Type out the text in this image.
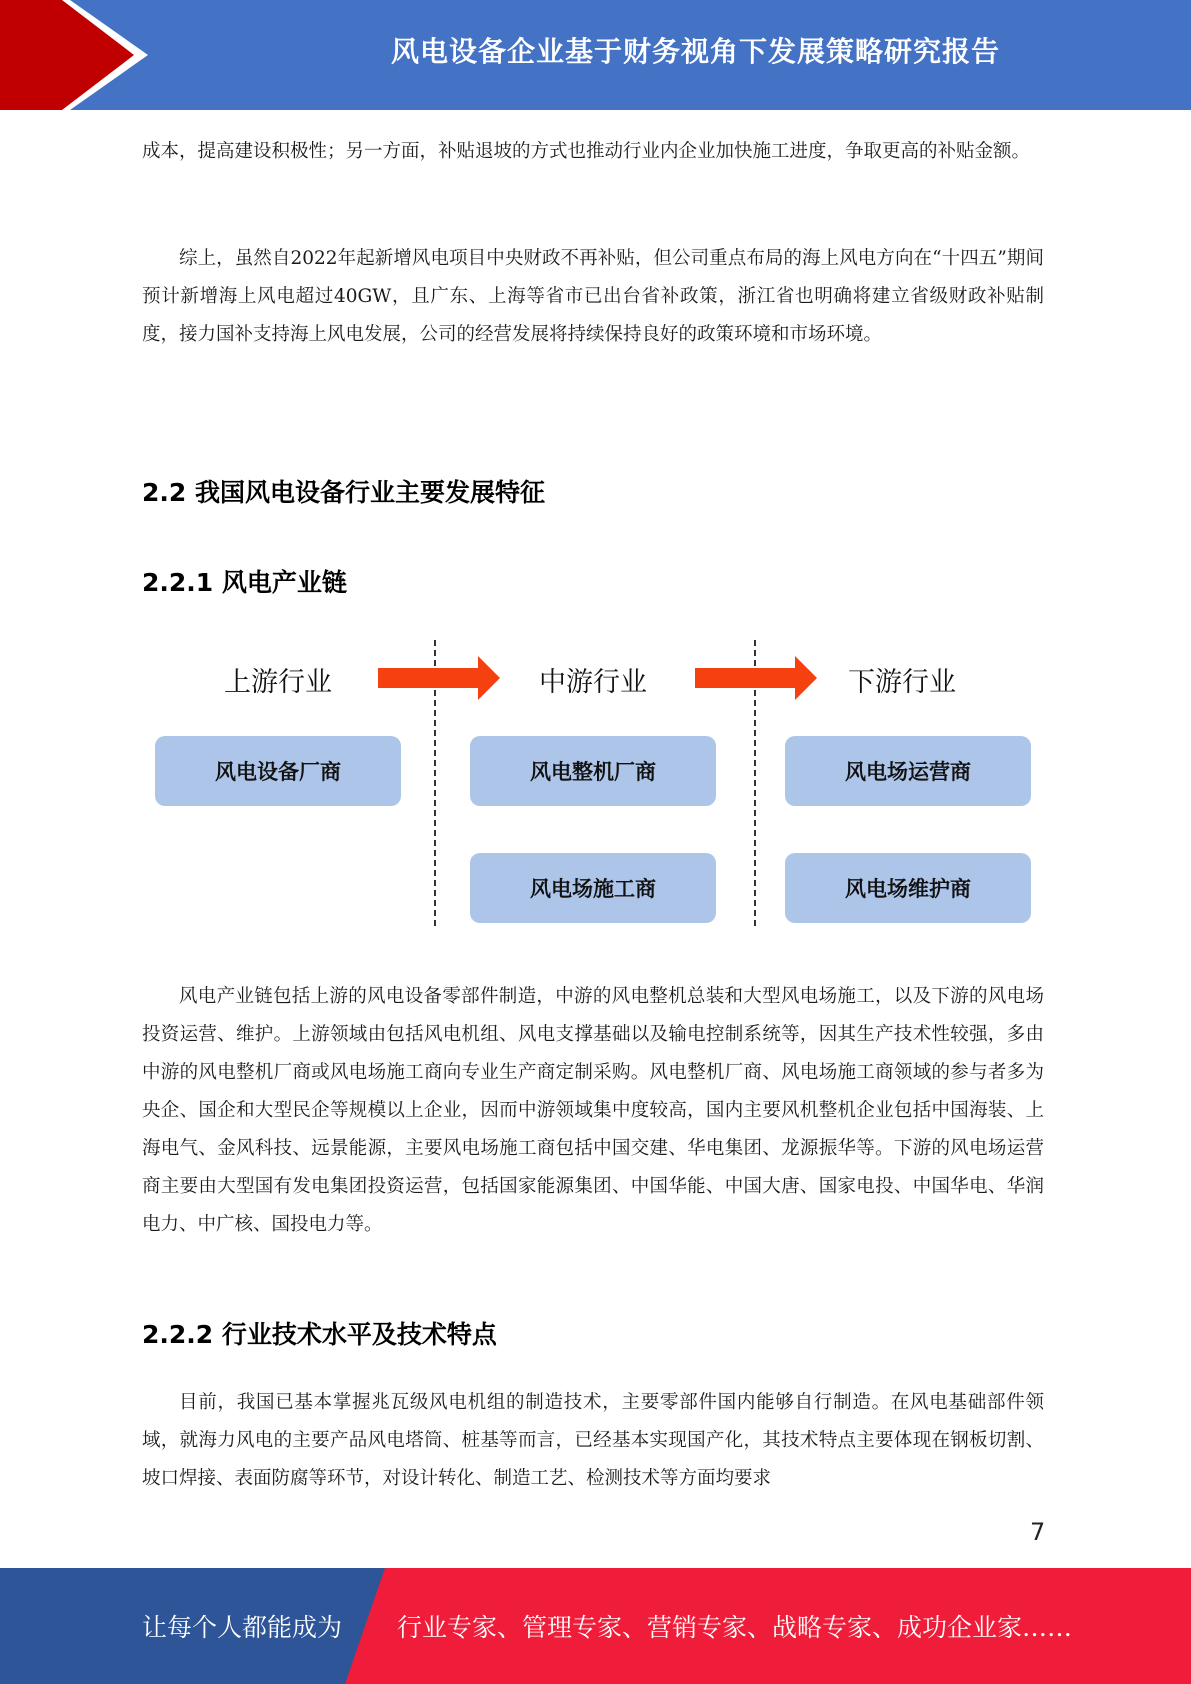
风电设备企业基于财务视角下发展策略研究报告

成本，提高建设积极性；另一方面，补贴退坡的方式也推动行业内企业加快施工进度，争取更高的补贴金额。

综上，虽然自2022年起新增风电项目中央财政不再补贴，但公司重点布局的海上风电方向在“十四五”期间预计新增海上风电超过40GW，且广东、上海等省市已出台省补政策，浙江省也明确将建立省级财政补贴制度，接力国补支持海上风电发展，公司的经营发展将持续保持良好的政策环境和市场环境。

2.2 我国风电设备行业主要发展特征
2.2.1 风电产业链
上游行业	中游行业	下游行业
风电设备厂商	风电整机厂商	风电场运营商
风电场施工商	风电场维护商

风电产业链包括上游的风电设备零部件制造，中游的风电整机总装和大型风电场施工，以及下游的风电场投资运营、维护。上游领域由包括风电机组、风电支撑基础以及输电控制系统等，因其生产技术性较强，多由中游的风电整机厂商或风电场施工商向专业生产商定制采购。风电整机厂商、风电场施工商领域的参与者多为央企、国企和大型民企等规模以上企业，因而中游领域集中度较高，国内主要风机整机企业包括中国海装、上海电气、金风科技、远景能源，主要风电场施工商包括中国交建、华电集团、龙源振华等。下游的风电场运营商主要由大型国有发电集团投资运营，包括国家能源集团、中国华能、中国大唐、国家电投、中国华电、华润电力、中广核、国投电力等。

2.2.2 行业技术水平及技术特点

目前，我国已基本掌握兆瓦级风电机组的制造技术，主要零部件国内能够自行制造。在风电基础部件领域，就海力风电的主要产品风电塔筒、桩基等而言，已经基本实现国产化，其技术特点主要体现在钢板切割、坡口焊接、表面防腐等环节，对设计转化、制造工艺、检测技术等方面均要求

7
让每个人都能成为 行业专家、管理专家、营销专家、战略专家、成功企业家……
